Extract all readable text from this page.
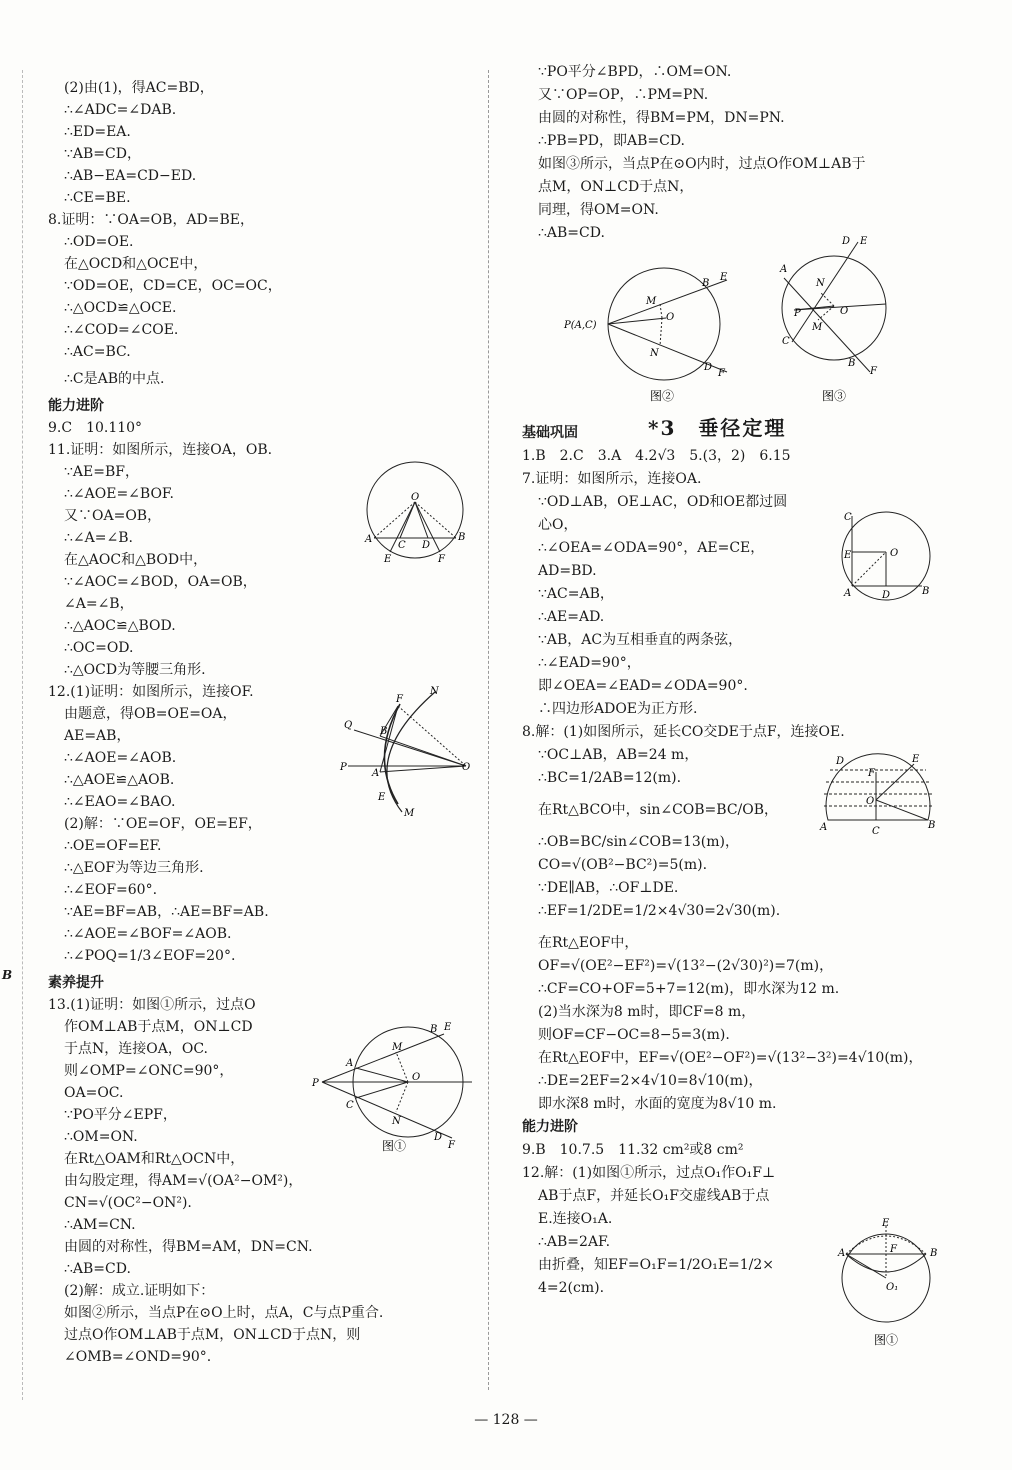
B
(2)由(1)，得AC=BD，
∴∠ADC=∠DAB.
∴ED=EA.
∵AB=CD，
∴AB−EA=CD−ED.
∴CE=BE.
8.证明：∵OA=OB，AD=BE，
∴OD=OE.
在△OCD和△OCE中，
∵OD=OE，CD=CE，OC=OC，
∴△OCD≌△OCE.
∴∠COD=∠COE.
∴AC=BC.
∴C是AB的中点.
能力进阶
9.C　10.110°
11.证明：如图所示，连接OA，OB.
∵AE=BF，
∴∠AOE=∠BOF.
又∵OA=OB，
∴∠A=∠B.
在△AOC和△BOD中，
∵∠AOC=∠BOD，OA=OB，
∠A=∠B，
∴△AOC≌△BOD.
∴OC=OD.
∴△OCD为等腰三角形.
12.(1)证明：如图所示，连接OF.
由题意，得OB=OE=OA，
AE=AB，
∴∠AOE=∠AOB.
∴△AOE≌△AOB.
∴∠EAO=∠BAO.
(2)解：∵OE=OF，OE=EF，
∴OE=OF=EF.
∴△EOF为等边三角形.
∴∠EOF=60°.
∵AE=BF=AB，∴AE=BF=AB.
∴∠AOE=∠BOF=∠AOB.
∴∠POQ=1/3∠EOF=20°.
素养提升
13.(1)证明：如图①所示，过点O
作OM⊥AB于点M，ON⊥CD
于点N，连接OA，OC.
则∠OMP=∠ONC=90°，
OA=OC.
∵PO平分∠EPF，
∴OM=ON.
在Rt△OAM和Rt△OCN中，
由勾股定理，得AM=√(OA²−OM²)，
CN=√(OC²−ON²).
∴AM=CN.
由圆的对称性，得BM=AM，DN=CN.
∴AB=CD.
(2)解：成立.证明如下：
如图②所示，当点P在⊙O上时，点A，C与点P重合.
过点O作OM⊥AB于点M，ON⊥CD于点N，则
∠OMB=∠OND=90°.
∵PO平分∠BPD，∴OM=ON.
又∵OP=OP，∴PM=PN.
由圆的对称性，得BM=PM，DN=PN.
∴PB=PD，即AB=CD.
如图③所示，当点P在⊙O内时，过点O作OM⊥AB于
点M，ON⊥CD于点N，
同理，得OM=ON.
∴AB=CD.
基础巩固
1.B　2.C　3.A　4.2√3　5.(3，2)　6.15
7.证明：如图所示，连接OA.
∵OD⊥AB，OE⊥AC，OD和OE都过圆
心O，
∴∠OEA=∠ODA=90°，AE=CE，
AD=BD.
∵AC=AB，
∴AE=AD.
∵AB，AC为互相垂直的两条弦，
∴∠EAD=90°，
即∠OEA=∠EAD=∠ODA=90°.
∴四边形ADOE为正方形.
8.解：(1)如图所示，延长CO交DE于点F，连接OE.
∵OC⊥AB，AB=24 m，
∴BC=1/2AB=12(m).
在Rt△BCO中，sin∠COB=BC/OB，
∴OB=BC/sin∠COB=13(m)，
CO=√(OB²−BC²)=5(m).
∵DE∥AB，∴OF⊥DE.
∴EF=1/2DE=1/2×4√30=2√30(m).
在Rt△EOF中，
OF=√(OE²−EF²)=√(13²−(2√30)²)=7(m)，
∴CF=CO+OF=5+7=12(m)，即水深为12 m.
(2)当水深为8 m时，即CF=8 m，
则OF=CF−OC=8−5=3(m).
在Rt△EOF中，EF=√(OE²−OF²)=√(13²−3²)=4√10(m)，
∴DE=2EF=2×4√10=8√10(m)，
即水深8 m时，水面的宽度为8√10 m.
能力进阶
9.B　10.7.5　11.32 cm²或8 cm²
12.解：(1)如图①所示，过点O₁作O₁F⊥
AB于点F，并延长O₁F交虚线AB于点
E.连接O₁A.
∴AB=2AF.
由折叠，知EF=O₁F=1/2O₁E=1/2×
4=2(cm).
*3　垂径定理
O
A
C D
B
E	F
N
Q
F
B
P
A
O
E
M
B E
A
M
P
O
C
N
D
F
图①
B
E
M
P(A,C)
O
N
D
F
图②
D E
A
N
P	O
C
M
B
F
图③
C
E	O
A	D	B
D	E
F
O
A	C
B
E
A	F	B
O₁
图①
— 128 —
